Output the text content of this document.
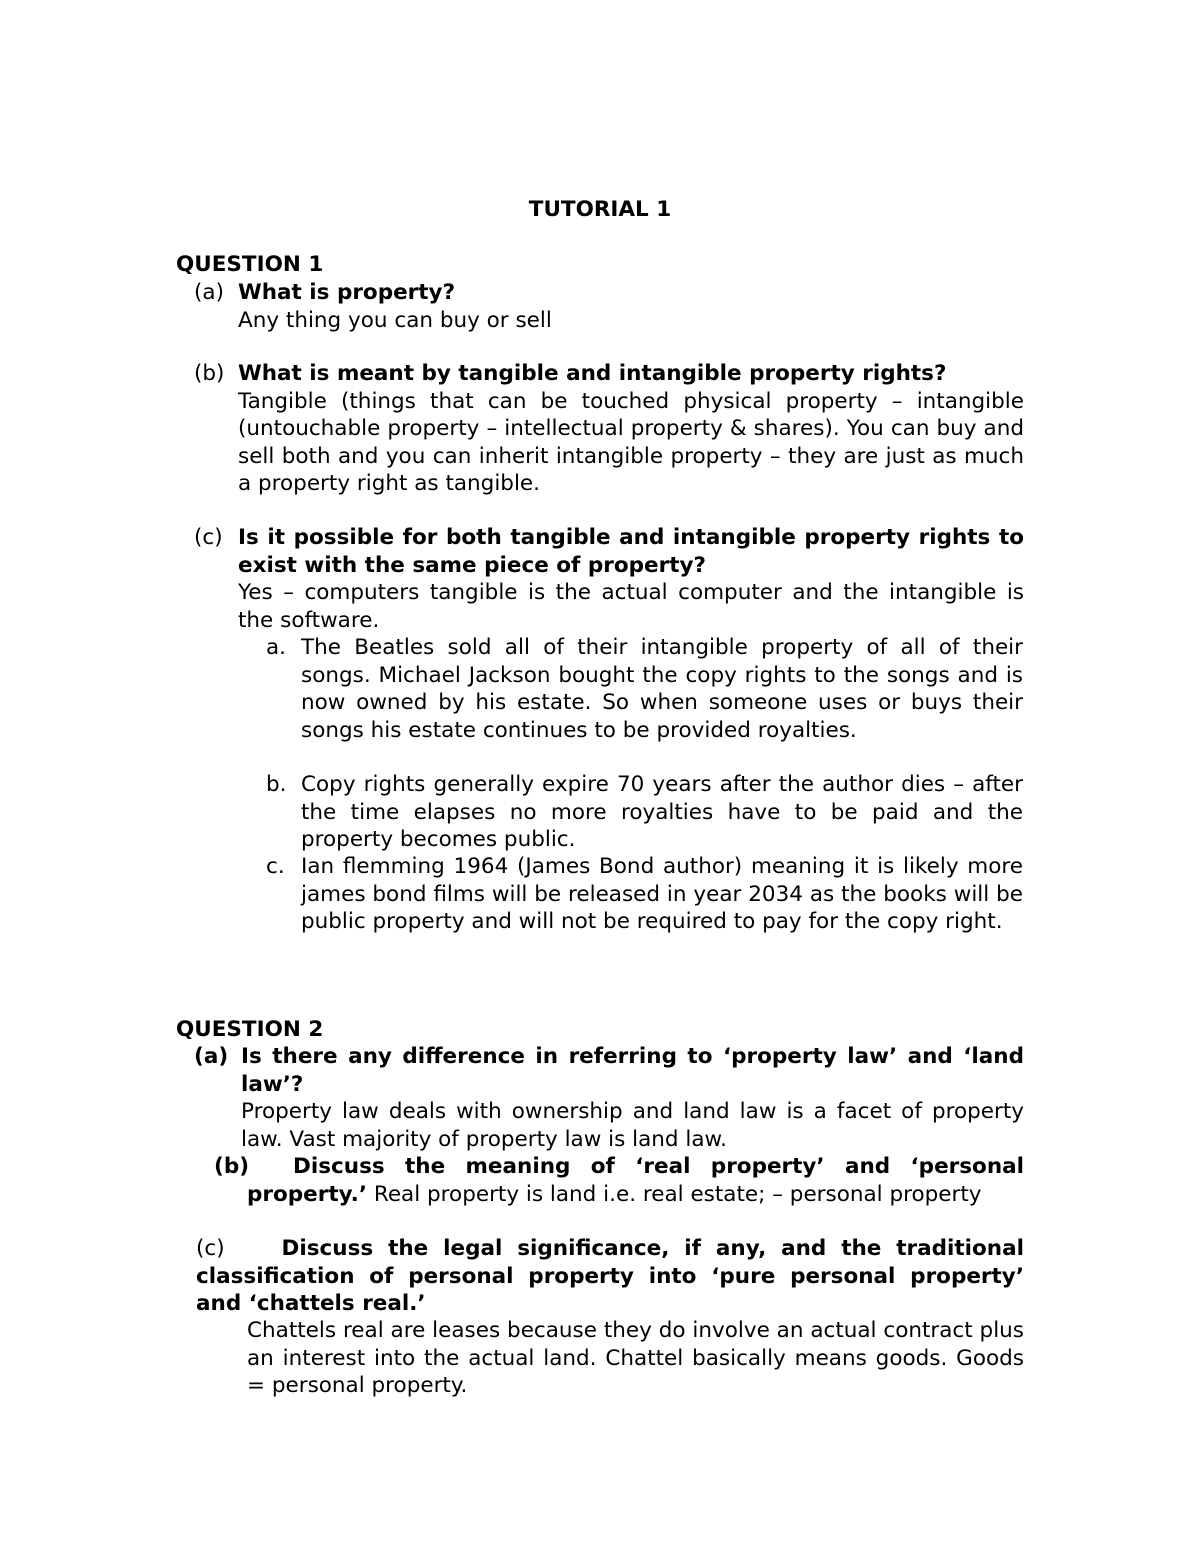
TUTORIAL 1
QUESTION 1
(a) What is property?

Any thing you can buy or sell

(b) What is meant by tangible and intangible property rights?

Tangible (things that can be touched physical property – intangible (untouchable property – intellectual property & shares). You can buy and sell both and you can inherit intangible property – they are just as much a property right as tangible.

(c) Is it possible for both tangible and intangible property rights to exist with the same piece of property?

Yes – computers tangible is the actual computer and the intangible is the software.

a. The Beatles sold all of their intangible property of all of their songs. Michael Jackson bought the copy rights to the songs and is now owned by his estate. So when someone uses or buys their songs his estate continues to be provided royalties.
b. Copy rights generally expire 70 years after the author dies – after the time elapses no more royalties have to be paid and the property becomes public.
c. Ian flemming 1964 (James Bond author) meaning it is likely more james bond films will be released in year 2034 as the books will be public property and will not be required to pay for the copy right.
QUESTION 2
(a) Is there any difference in referring to ‘property law’ and ‘land law’?

Property law deals with ownership and land law is a facet of property law. Vast majority of property law is land law.

(b)	Discuss the meaning of ‘real property’ and ‘personal property.’ Real property is land i.e. real estate; – personal property
(c)	Discuss the legal significance, if any, and the traditional classification of personal property into ‘pure personal property’ and ‘chattels real.’
Chattels real are leases because they do involve an actual contract plus an interest into the actual land. Chattel basically means goods. Goods = personal property.
